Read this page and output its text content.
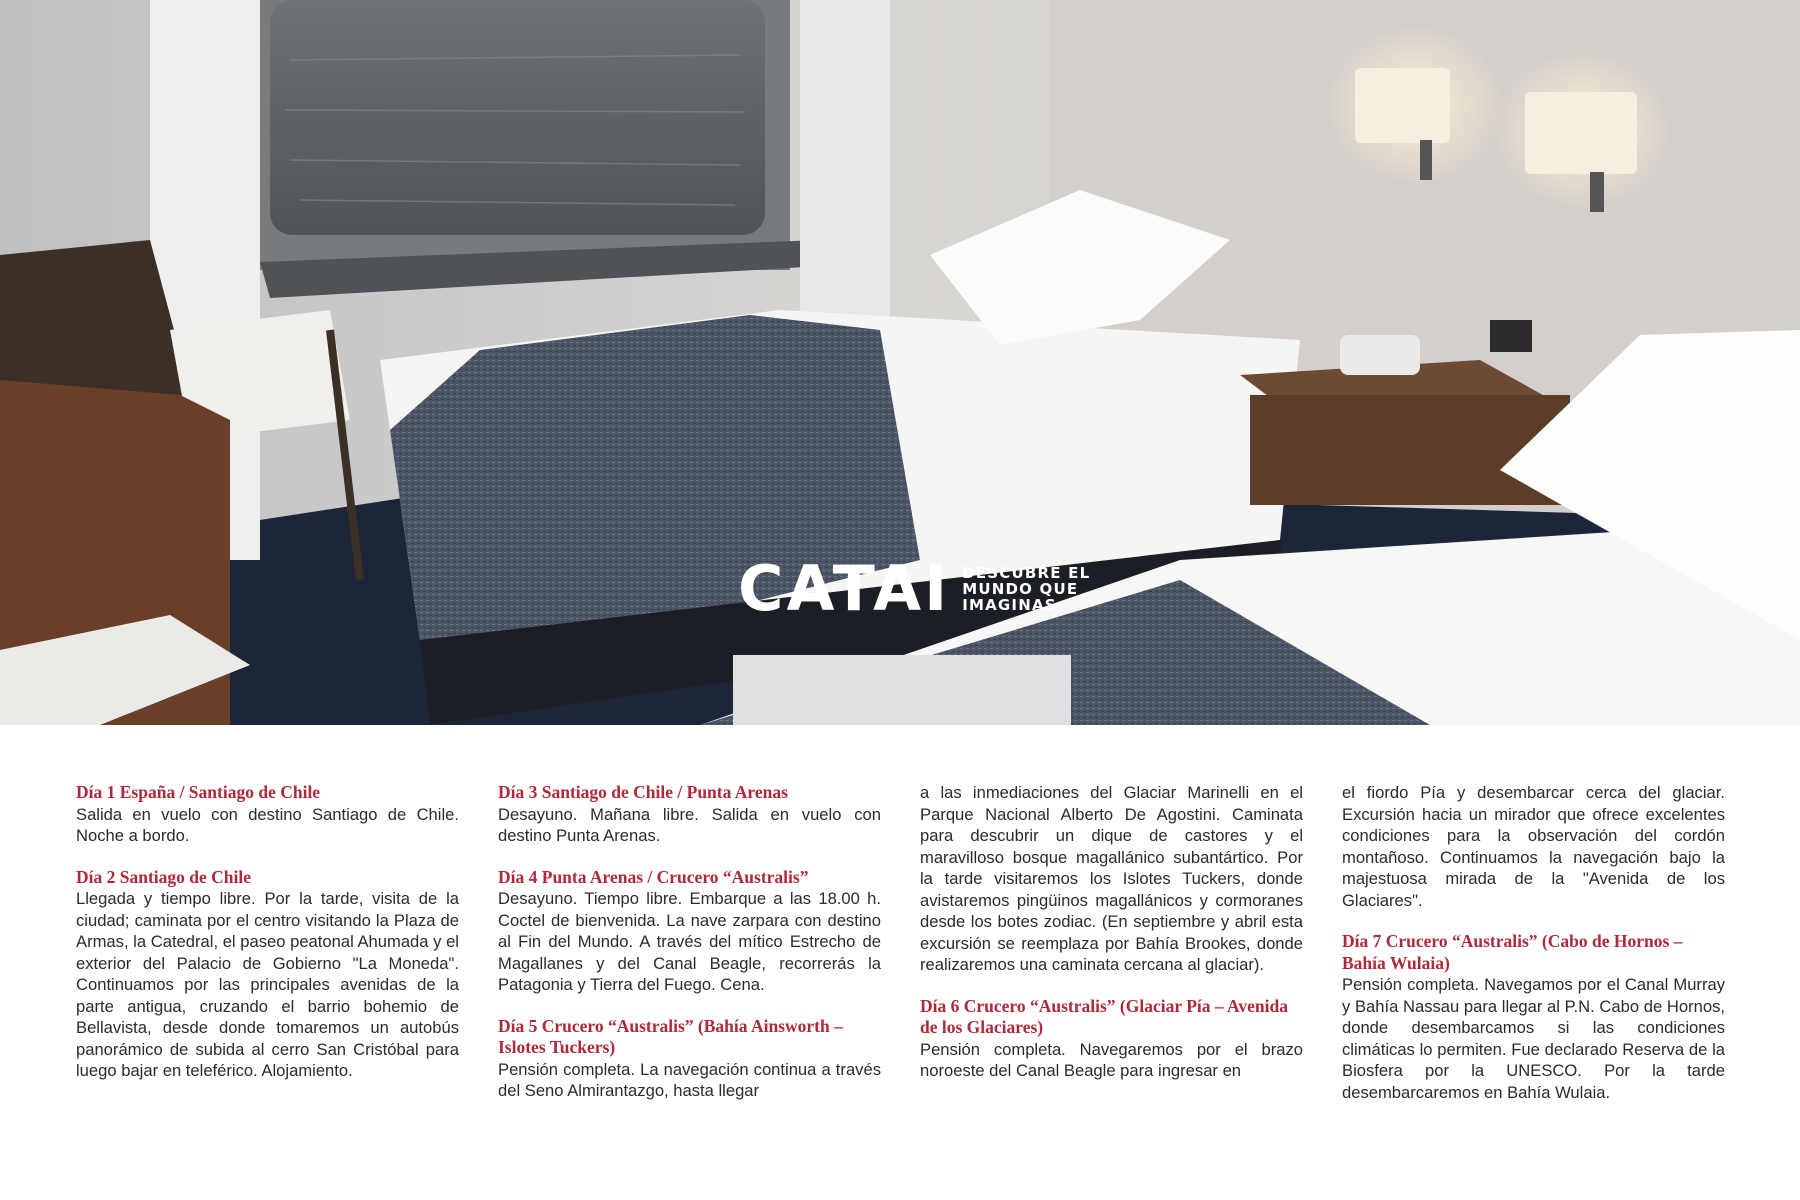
CATAI DESCUBRE EL
MUNDO QUE
IMAGINAS
Día 1 España / Santiago de Chile
Salida en vuelo con destino Santiago de Chile. Noche a bordo.
Día 2 Santiago de Chile
Llegada y tiempo libre. Por la tarde, visita de la ciudad; caminata por el centro visitando la Plaza de Armas, la Catedral, el paseo peatonal Ahumada y el exterior del Palacio de Gobierno "La Moneda". Continuamos por las principales avenidas de la parte antigua, cruzando el barrio bohemio de Bellavista, desde donde tomaremos un autobús panorámico de subida al cerro San Cristóbal para luego bajar en teleférico. Alojamiento.
Día 3 Santiago de Chile / Punta Arenas
Desayuno. Mañana libre. Salida en vuelo con destino Punta Arenas.
Día 4 Punta Arenas / Crucero “Australis”
Desayuno. Tiempo libre. Embarque a las 18.00 h. Coctel de bienvenida. La nave zarpara con destino al Fin del Mundo. A través del mítico Estrecho de Magallanes y del Canal Beagle, recorrerás la Patagonia y Tierra del Fuego. Cena.
Día 5 Crucero “Australis” (Bahía Ainsworth – Islotes Tuckers)
Pensión completa. La navegación continua a través del Seno Almirantazgo, hasta llegar

a las inmediaciones del Glaciar Marinelli en el Parque Nacional Alberto De Agostini. Caminata para descubrir un dique de castores y el maravilloso bosque magallánico subantártico. Por la tarde visitaremos los Islotes Tuckers, donde avistaremos pingüinos magallánicos y cormoranes desde los botes zodiac. (En septiembre y abril esta excursión se reemplaza por Bahía Brookes, donde realizaremos una caminata cercana al glaciar).

Día 6 Crucero “Australis” (Glaciar Pía – Avenida de los Glaciares)
Pensión completa. Navegaremos por el brazo noroeste del Canal Beagle para ingresar en

el fiordo Pía y desembarcar cerca del glaciar. Excursión hacia un mirador que ofrece excelentes condiciones para la observación del cordón montañoso. Continuamos la navegación bajo la majestuosa mirada de la "Avenida de los Glaciares".

Día 7 Crucero “Australis” (Cabo de Hornos – Bahía Wulaia)
Pensión completa. Navegamos por el Canal Murray y Bahía Nassau para llegar al P.N. Cabo de Hornos, donde desembarcamos si las condiciones climáticas lo permiten. Fue declarado Reserva de la Biosfera por la UNESCO. Por la tarde desembarcaremos en Bahía Wulaia.
